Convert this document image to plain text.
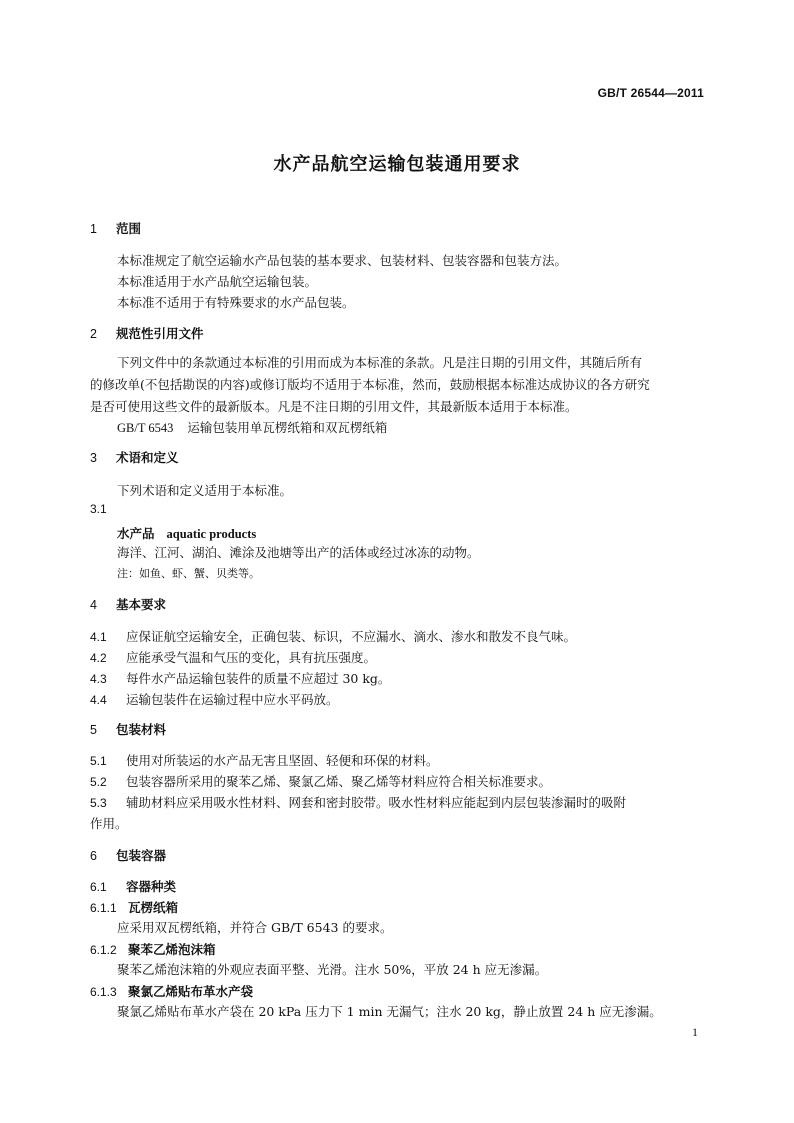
GB/T 26544—2011
水产品航空运输包装通用要求
1 范围
本标准规定了航空运输水产品包装的基本要求、包装材料、包装容器和包装方法。
本标准适用于水产品航空运输包装。
本标准不适用于有特殊要求的水产品包装。
2 规范性引用文件
下列文件中的条款通过本标准的引用而成为本标准的条款。凡是注日期的引用文件，其随后所有
的修改单(不包括勘误的内容)或修订版均不适用于本标准，然而，鼓励根据本标准达成协议的各方研究
是否可使用这些文件的最新版本。凡是不注日期的引用文件，其最新版本适用于本标准。
GB/T 6543 运输包装用单瓦楞纸箱和双瓦楞纸箱
3 术语和定义
下列术语和定义适用于本标准。
3.1
水产品 aquatic products
海洋、江河、湖泊、滩涂及池塘等出产的活体或经过冰冻的动物。
注：如鱼、虾、蟹、贝类等。
4 基本要求
4.1 应保证航空运输安全，正确包装、标识，不应漏水、滴水、渗水和散发不良气味。
4.2 应能承受气温和气压的变化，具有抗压强度。
4.3 每件水产品运输包装件的质量不应超过 30 kg。
4.4 运输包装件在运输过程中应水平码放。
5 包装材料
5.1 使用对所装运的水产品无害且坚固、轻便和环保的材料。
5.2 包装容器所采用的聚苯乙烯、聚氯乙烯、聚乙烯等材料应符合相关标准要求。
5.3 辅助材料应采用吸水性材料、网套和密封胶带。吸水性材料应能起到内层包装渗漏时的吸附
作用。
6 包装容器
6.1 容器种类
6.1.1 瓦楞纸箱
应采用双瓦楞纸箱，并符合 GB/T 6543 的要求。
6.1.2 聚苯乙烯泡沫箱
聚苯乙烯泡沫箱的外观应表面平整、光滑。注水 50%，平放 24 h 应无渗漏。
6.1.3 聚氯乙烯贴布革水产袋
聚氯乙烯贴布革水产袋在 20 kPa 压力下 1 min 无漏气；注水 20 kg，静止放置 24 h 应无渗漏。
1
